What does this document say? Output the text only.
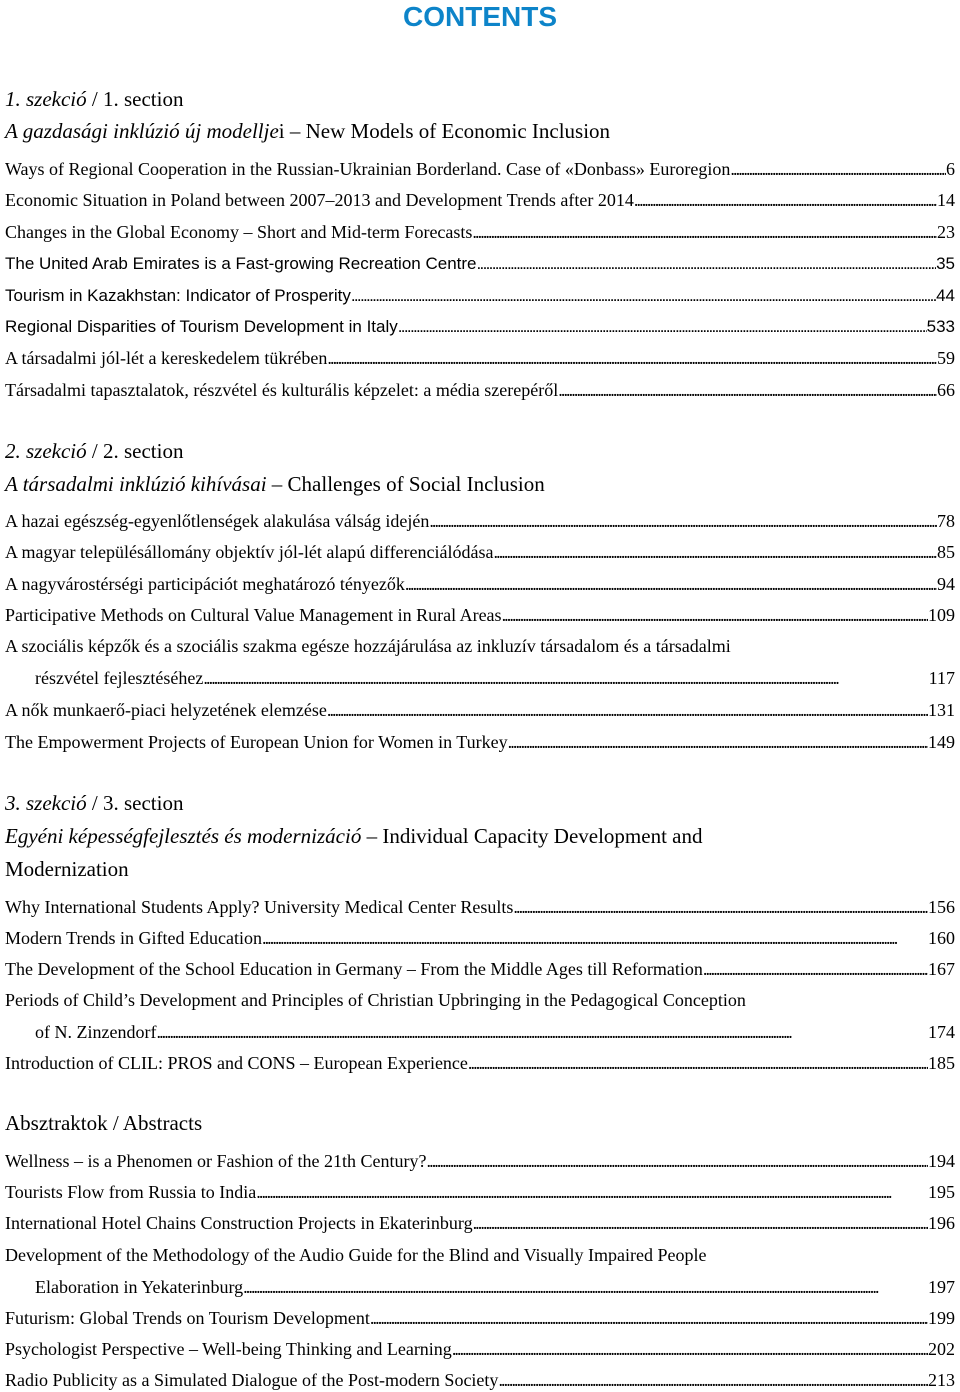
CONTENTS
1. szekció / 1. section
A gazdasági inklúzió új modelljei – New Models of Economic Inclusion
Ways of Regional Cooperation in the Russian-Ukrainian Borderland. Case of «Donbass» Euroregion . . .	6
Economic Situation in Poland between 2007–2013 and Development Trends after 2014 . . .	14
Changes in the Global Economy – Short and Mid-term Forecasts . . .	23
The United Arab Emirates is a Fast-growing Recreation Centre . . .	35
Tourism in Kazakhstan: Indicator of Prosperity . . .	44
Regional Disparities of Tourism Development in Italy . . .	533
A társadalmi jól-lét a kereskedelem tükrében . . .	59
Társadalmi tapasztalatok, részvétel és kulturális képzelet: a média szerepéről . . .	66
2. szekció / 2. section
A társadalmi inklúzió kihívásai – Challenges of Social Inclusion
A hazai egészség-egyenlőtlenségek alakulása válság idején . . .	78
A magyar településállomány objektív jól-lét alapú differenciálódása . . .	85
A nagyvárostérségi participációt meghatározó tényezők . . .	94
Participative Methods on Cultural Value Management in Rural Areas . . .	109
A szociális képzők és a szociális szakma egésze hozzájárulása az inkluzív társadalom és a társadalmi
részvétel fejlesztéséhez . . .	117
A nők munkaerő-piaci helyzetének elemzése . . .	131
The Empowerment Projects of European Union for Women in Turkey . . .	149
3. szekció / 3. section
Egyéni képességfejlesztés és modernizáció – Individual Capacity Development and
Modernization
Why International Students Apply? University Medical Center Results . . .	156
Modern Trends in Gifted Education . . .	160
The Development of the School Education in Germany – From the Middle Ages till Reformation . . .	167
Periods of Child’s Development and Principles of Christian Upbringing in the Pedagogical Conception
of N. Zinzendorf . . .	174
Introduction of CLIL: PROS and CONS – European Experience . . .	185
Absztraktok / Abstracts
Wellness – is a Phenomen or Fashion of the 21th Century? . . .	194
Tourists Flow from Russia to India . . .	195
International Hotel Chains Construction Projects in Ekaterinburg . . .	196
Development of the Methodology of the Audio Guide for the Blind and Visually Impaired People
Elaboration in Yekaterinburg . . .	197
Futurism: Global Trends on Tourism Development . . .	199
Psychologist Perspective – Well-being Thinking and Learning . . .	202
Radio Publicity as a Simulated Dialogue of the Post-modern Society . . .	213
